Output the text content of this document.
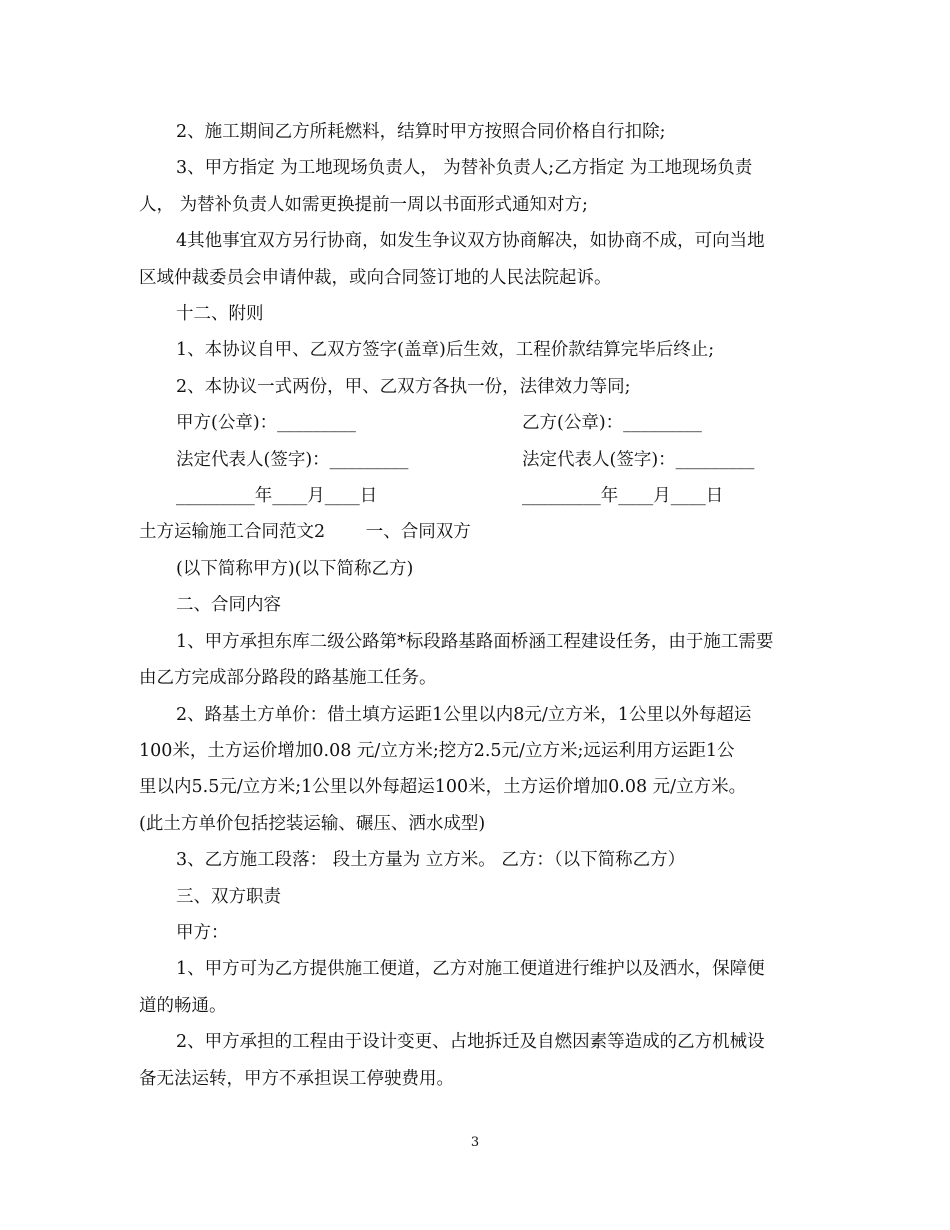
2、施工期间乙方所耗燃料，结算时甲方按照合同价格自行扣除;

3、甲方指定 为工地现场负责人， 为替补负责人;乙方指定 为工地现场负责

人， 为替补负责人如需更换提前一周以书面形式通知对方;

4其他事宜双方另行协商，如发生争议双方协商解决，如协商不成，可向当地

区域仲裁委员会申请仲裁，或向合同签订地的人民法院起诉。

十二、附则

1、本协议自甲、乙双方签字(盖章)后生效，工程价款结算完毕后终止;

2、本协议一式两份，甲、乙双方各执一份，法律效力等同;

甲方(公章)：_________	乙方(公章)：_________
法定代表人(签字)：_________	法定代表人(签字)：_________
_________年____月____日	_________年____月____日

土方运输施工合同范文2 　　一、合同双方

(以下简称甲方)(以下简称乙方)

二、合同内容

1、甲方承担东库二级公路第*标段路基路面桥涵工程建设任务，由于施工需要

由乙方完成部分路段的路基施工任务。

2、路基土方单价：借土填方运距1公里以内8元/立方米，1公里以外每超运

100米，土方运价增加0.08 元/立方米;挖方2.5元/立方米;远运利用方运距1公

里以内5.5元/立方米;1公里以外每超运100米，土方运价增加0.08 元/立方米。

(此土方单价包括挖装运输、碾压、洒水成型)

3、乙方施工段落： 段土方量为 立方米。 乙方：（以下简称乙方）

三、双方职责

甲方：

1、甲方可为乙方提供施工便道，乙方对施工便道进行维护以及洒水，保障便

道的畅通。

2、甲方承担的工程由于设计变更、占地拆迁及自燃因素等造成的乙方机械设

备无法运转，甲方不承担误工停驶费用。

3
